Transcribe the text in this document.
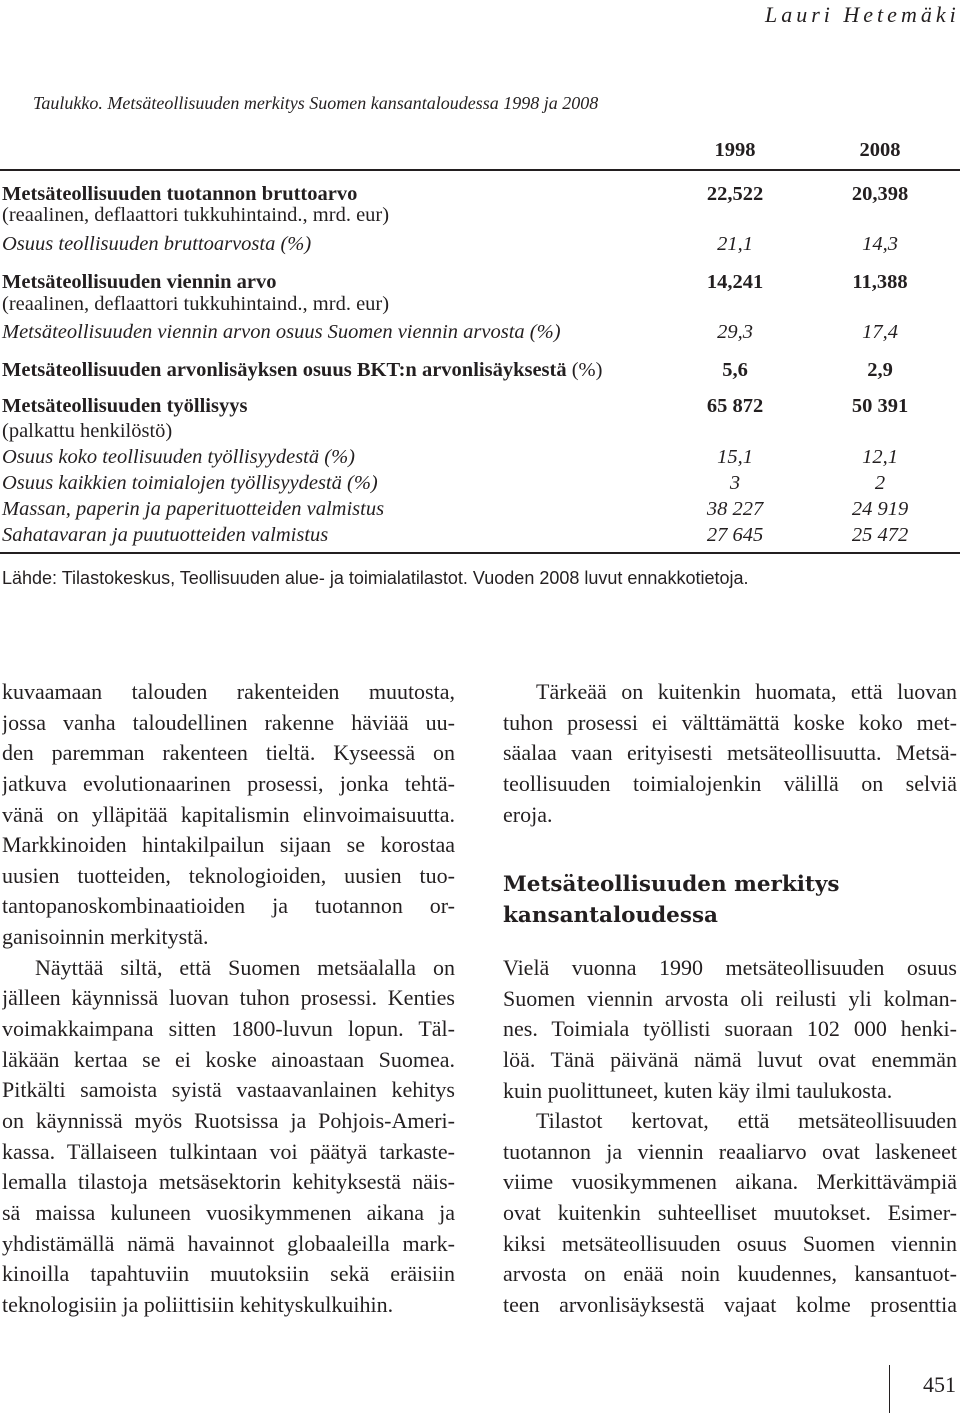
Lauri Hetemäki
Taulukko. Metsäteollisuuden merkitys Suomen kansantaloudessa 1998 ja 2008
1998	2008
Metsäteollisuuden tuotannon bruttoarvo	22,522	20,398
(reaalinen, deflaattori tukkuhintaind., mrd. eur)
Osuus teollisuuden bruttoarvosta (%)	21,1	14,3
Metsäteollisuuden viennin arvo	14,241	11,388
(reaalinen, deflaattori tukkuhintaind., mrd. eur)
Metsäteollisuuden viennin arvon osuus Suomen viennin arvosta (%)	29,3	17,4
Metsäteollisuuden arvonlisäyksen osuus BKT:n arvonlisäyksestä (%)	5,6	2,9
Metsäteollisuuden työllisyys	65 872	50 391
(palkattu henkilöstö)
Osuus koko teollisuuden työllisyydestä (%)	15,1	12,1
Osuus kaikkien toimialojen työllisyydestä (%)	3	2
Massan, paperin ja paperituotteiden valmistus	38 227	24 919
Sahatavaran ja puutuotteiden valmistus	27 645	25 472
Lähde: Tilastokeskus, Teollisuuden alue- ja toimialatilastot. Vuoden 2008 luvut ennakkotietoja.
kuvaamaan talouden rakenteiden muutosta,
jossa vanha taloudellinen rakenne häviää uu-
den paremman rakenteen tieltä. Kyseessä on
jatkuva evolutionaarinen prosessi, jonka tehtä-
vänä on ylläpitää kapitalismin elinvoimaisuutta.
Markkinoiden hintakilpailun sijaan se korostaa
uusien tuotteiden, teknologioiden, uusien tuo-
tantopanoskombinaatioiden ja tuotannon or-
ganisoinnin merkitystä.
Näyttää siltä, että Suomen metsäalalla on
jälleen käynnissä luovan tuhon prosessi. Kenties
voimakkaimpana sitten 1800-luvun lopun. Täl-
läkään kertaa se ei koske ainoastaan Suomea.
Pitkälti samoista syistä vastaavanlainen kehitys
on käynnissä myös Ruotsissa ja Pohjois-Ameri-
kassa. Tällaiseen tulkintaan voi päätyä tarkaste-
lemalla tilastoja metsäsektorin kehityksestä näis-
sä maissa kuluneen vuosikymmenen aikana ja
yhdistämällä nämä havainnot globaaleilla mark-
kinoilla tapahtuviin muutoksiin sekä eräisiin
teknologisiin ja poliittisiin kehityskulkuihin.
Tärkeää on kuitenkin huomata, että luovan
tuhon prosessi ei välttämättä koske koko met-
säalaa vaan erityisesti metsäteollisuutta. Metsä-
teollisuuden toimialojenkin välillä on selviä
eroja.
Metsäteollisuuden merkitys
kansantaloudessa
Vielä vuonna 1990 metsäteollisuuden osuus
Suomen viennin arvosta oli reilusti yli kolman-
nes. Toimiala työllisti suoraan 102 000 henki-
löä. Tänä päivänä nämä luvut ovat enemmän
kuin puolittuneet, kuten käy ilmi taulukosta.
Tilastot kertovat, että metsäteollisuuden
tuotannon ja viennin reaaliarvo ovat laskeneet
viime vuosikymmenen aikana. Merkittävämpiä
ovat kuitenkin suhteelliset muutokset. Esimer-
kiksi metsäteollisuuden osuus Suomen viennin
arvosta on enää noin kuudennes, kansantuot-
teen arvonlisäyksestä vajaat kolme prosenttia
451
